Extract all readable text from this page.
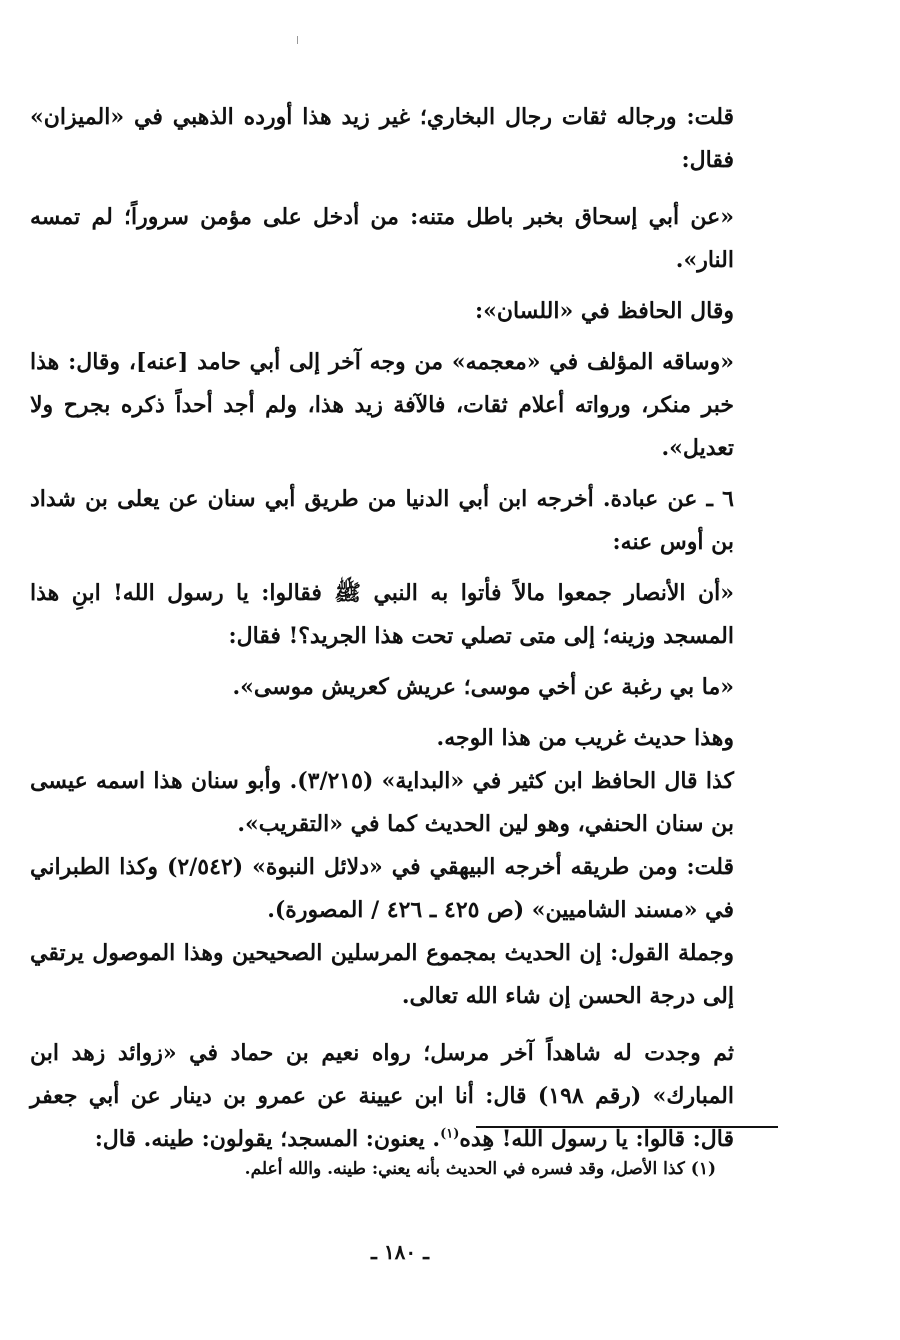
قلت: ورجاله ثقات رجال البخاري؛ غير زيد هذا أورده الذهبي في «الميزان» فقال:

«عن أبي إسحاق بخبر باطل متنه: من أدخل على مؤمن سروراً؛ لم تمسه النار».

وقال الحافظ في «اللسان»:

«وساقه المؤلف في «معجمه» من وجه آخر إلى أبي حامد [عنه]، وقال: هذا خبر منكر، ورواته أعلام ثقات، فالآفة زيد هذا، ولم أجد أحداً ذكره بجرح ولا تعديل».

٦ ـ عن عبادة. أخرجه ابن أبي الدنيا من طريق أبي سنان عن يعلى بن شداد بن أوس عنه:

«أن الأنصار جمعوا مالاً فأتوا به النبي ﷺ فقالوا: يا رسول الله! ابنِ هذا المسجد وزينه؛ إلى متى تصلي تحت هذا الجريد؟! فقال:

«ما بي رغبة عن أخي موسى؛ عريش كعريش موسى».

وهذا حديث غريب من هذا الوجه.

كذا قال الحافظ ابن كثير في «البداية» (٣/٢١٥). وأبو سنان هذا اسمه عيسى بن سنان الحنفي، وهو لين الحديث كما في «التقريب».

قلت: ومن طريقه أخرجه البيهقي في «دلائل النبوة» (٢/٥٤٢) وكذا الطبراني في «مسند الشاميين» (ص ٤٢٥ ـ ٤٢٦ / المصورة).

وجملة القول: إن الحديث بمجموع المرسلين الصحيحين وهذا الموصول يرتقي إلى درجة الحسن إن شاء الله تعالى.

ثم وجدت له شاهداً آخر مرسل؛ رواه نعيم بن حماد في «زوائد زهد ابن المبارك» (رقم ١٩٨) قال: أنا ابن عيينة عن عمرو بن دينار عن أبي جعفر قال: قالوا: يا رسول الله! هِده$^{(١)}$. يعنون: المسجد؛ يقولون: طينه. قال:

(١) كذا الأصل، وقد فسره في الحديث بأنه يعني: طينه. والله أعلم.
ـ ١٨٠ ـ
